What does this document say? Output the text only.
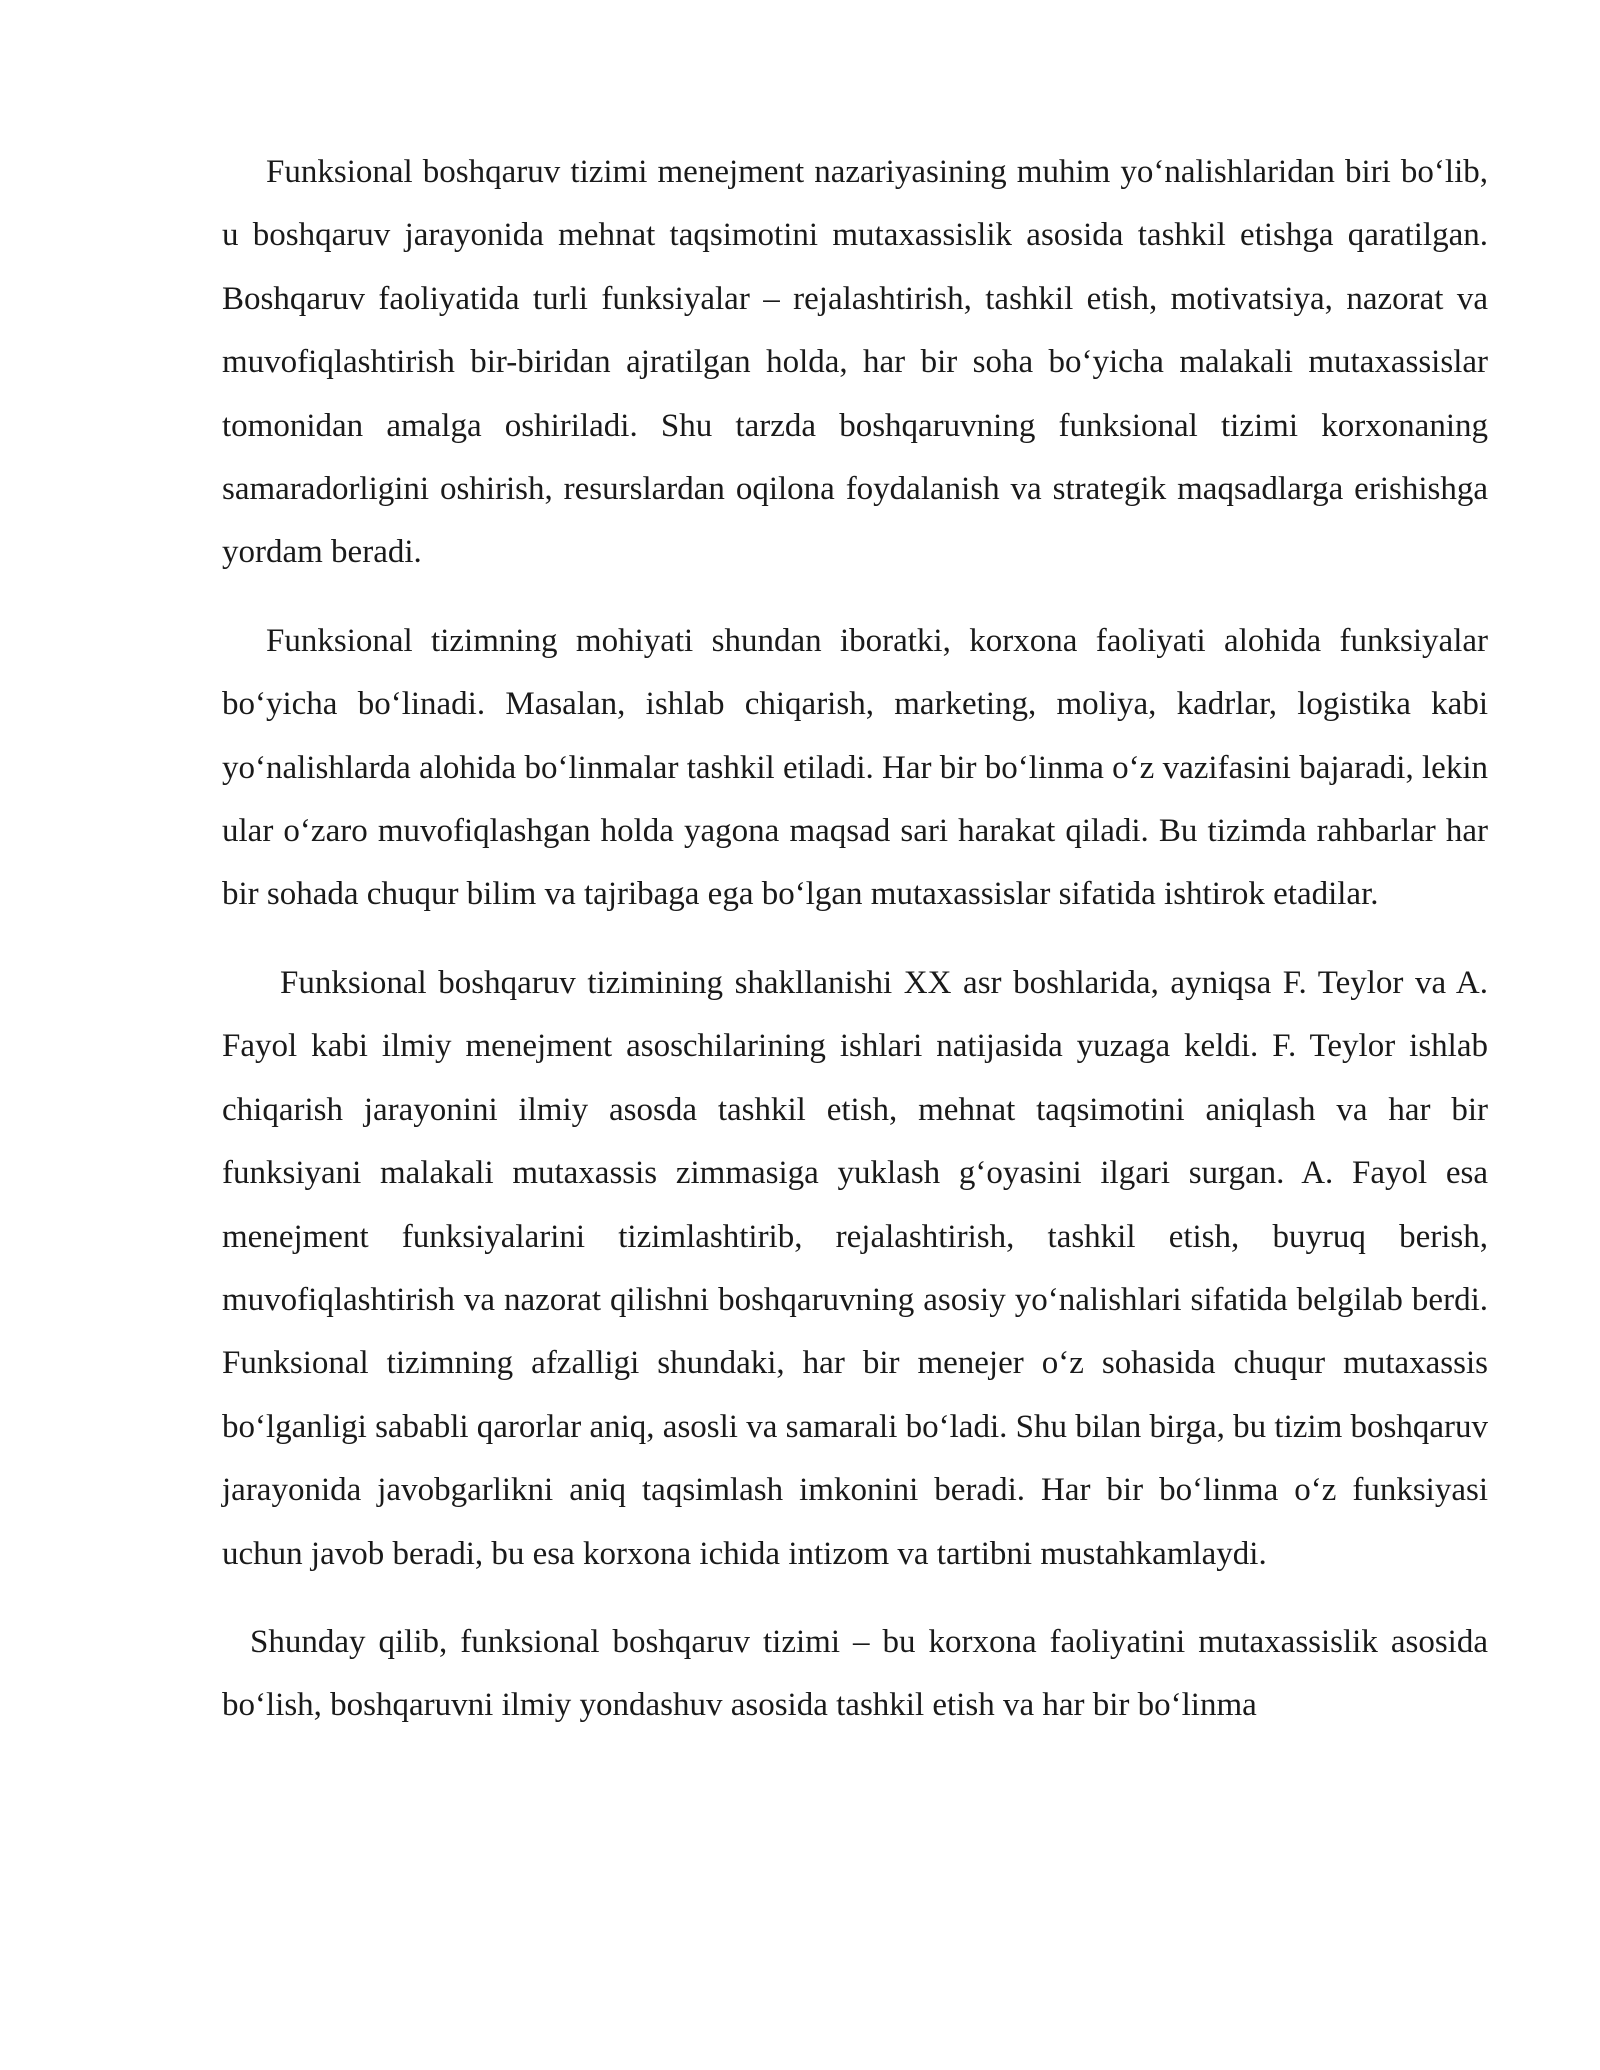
Funksional boshqaruv tizimi menejment nazariyasining muhim yo‘nalishlaridan biri bo‘lib, u boshqaruv jarayonida mehnat taqsimotini mutaxassislik asosida tashkil etishga qaratilgan. Boshqaruv faoliyatida turli funksiyalar – rejalashtirish, tashkil etish, motivatsiya, nazorat va muvofiqlashtirish bir-biridan ajratilgan holda, har bir soha bo‘yicha malakali mutaxassislar tomonidan amalga oshiriladi. Shu tarzda boshqaruvning funksional tizimi korxonaning samaradorligini oshirish, resurslardan oqilona foydalanish va strategik maqsadlarga erishishga yordam beradi.

Funksional tizimning mohiyati shundan iboratki, korxona faoliyati alohida funksiyalar bo‘yicha bo‘linadi. Masalan, ishlab chiqarish, marketing, moliya, kadrlar, logistika kabi yo‘nalishlarda alohida bo‘linmalar tashkil etiladi. Har bir bo‘linma o‘z vazifasini bajaradi, lekin ular o‘zaro muvofiqlashgan holda yagona maqsad sari harakat qiladi. Bu tizimda rahbarlar har bir sohada chuqur bilim va tajribaga ega bo‘lgan mutaxassislar sifatida ishtirok etadilar.

Funksional boshqaruv tizimining shakllanishi XX asr boshlarida, ayniqsa F. Teylor va A. Fayol kabi ilmiy menejment asoschilarining ishlari natijasida yuzaga keldi. F. Teylor ishlab chiqarish jarayonini ilmiy asosda tashkil etish, mehnat taqsimotini aniqlash va har bir funksiyani malakali mutaxassis zimmasiga yuklash g‘oyasini ilgari surgan. A. Fayol esa menejment funksiyalarini tizimlashtirib, rejalashtirish, tashkil etish, buyruq berish, muvofiqlashtirish va nazorat qilishni boshqaruvning asosiy yo‘nalishlari sifatida belgilab berdi. Funksional tizimning afzalligi shundaki, har bir menejer o‘z sohasida chuqur mutaxassis bo‘lganligi sababli qarorlar aniq, asosli va samarali bo‘ladi. Shu bilan birga, bu tizim boshqaruv jarayonida javobgarlikni aniq taqsimlash imkonini beradi. Har bir bo‘linma o‘z funksiyasi uchun javob beradi, bu esa korxona ichida intizom va tartibni mustahkamlaydi.

Shunday qilib, funksional boshqaruv tizimi – bu korxona faoliyatini mutaxassislik asosida bo‘lish, boshqaruvni ilmiy yondashuv asosida tashkil etish va har bir bo‘linma
